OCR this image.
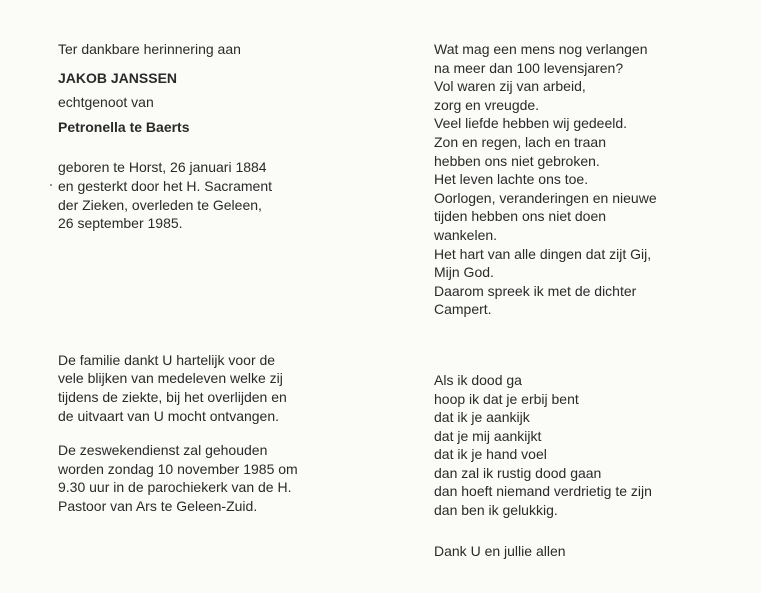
Ter dankbare herinnering aan
JAKOB JANSSEN
echtgenoot van
Petronella te Baerts
geboren te Horst, 26 januari 1884
en gesterkt door het H. Sacrament
der Zieken, overleden te Geleen,
26 september 1985.
De familie dankt U hartelijk voor de
vele blijken van medeleven welke zij
tijdens de ziekte, bij het overlijden en
de uitvaart van U mocht ontvangen.
De zeswekendienst zal gehouden
worden zondag 10 november 1985 om
9.30 uur in de parochiekerk van de H.
Pastoor van Ars te Geleen-Zuid.
Wat mag een mens nog verlangen
na meer dan 100 levensjaren?
Vol waren zij van arbeid,
zorg en vreugde.
Veel liefde hebben wij gedeeld.
Zon en regen, lach en traan
hebben ons niet gebroken.
Het leven lachte ons toe.
Oorlogen, veranderingen en nieuwe
tijden hebben ons niet doen
wankelen.
Het hart van alle dingen dat zijt Gij,
Mijn God.
Daarom spreek ik met de dichter
Campert.
Als ik dood ga
hoop ik dat je erbij bent
dat ik je aankijk
dat je mij aankijkt
dat ik je hand voel
dan zal ik rustig dood gaan
dan hoeft niemand verdrietig te zijn
dan ben ik gelukkig.
Dank U en jullie allen
